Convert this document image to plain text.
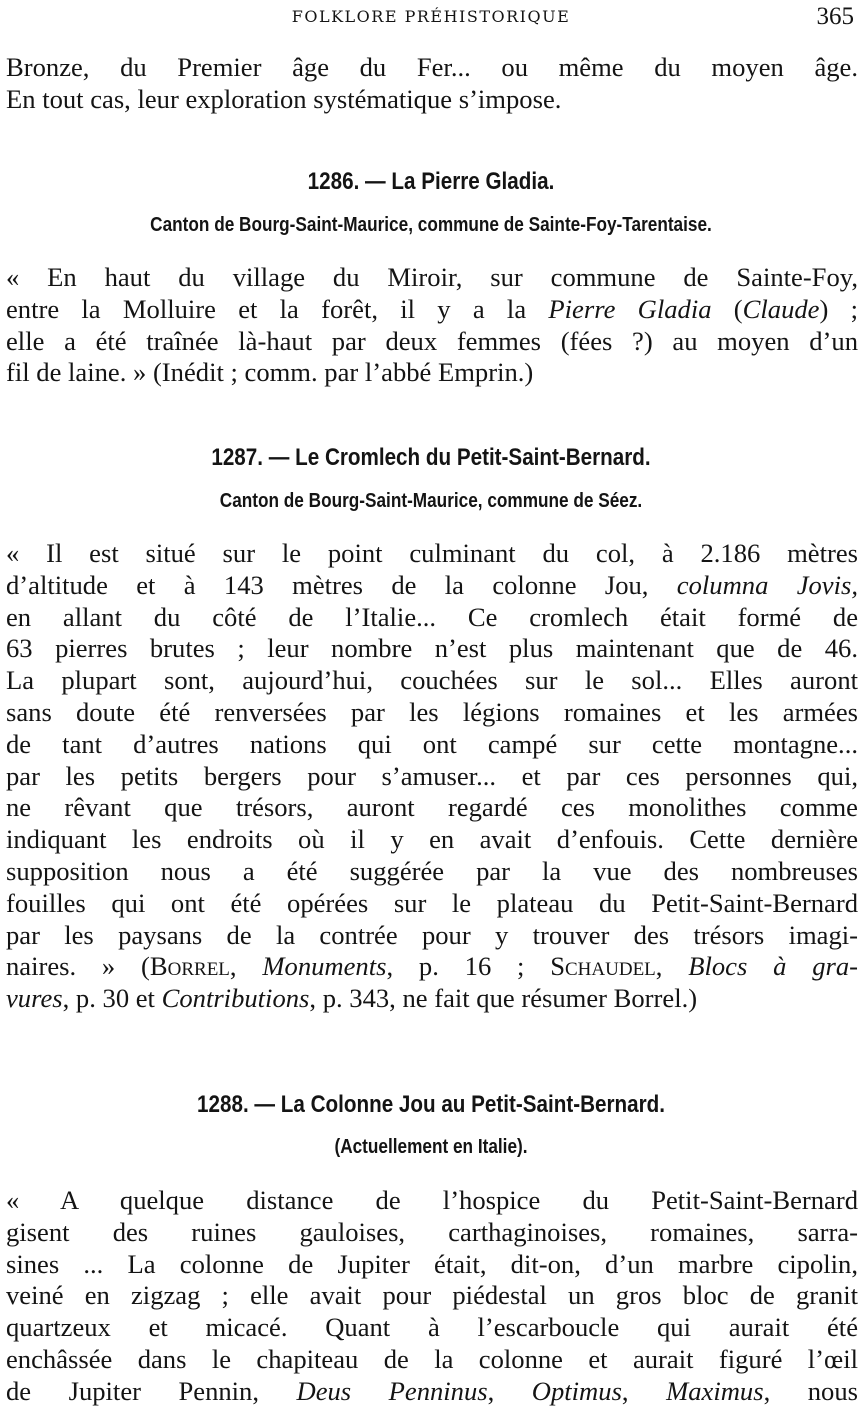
FOLKLORE PRÉHISTORIQUE	365

Bronze, du Premier âge du Fer... ou même du moyen âge.
En tout cas, leur exploration systématique s’impose.

1286. — La Pierre Gladia.
Canton de Bourg-Saint-Maurice, commune de Sainte-Foy-Tarentaise.

« En haut du village du Miroir, sur commune de Sainte-Foy,
entre la Molluire et la forêt, il y a la Pierre Gladia (Claude) ;
elle a été traînée là-haut par deux femmes (fées ?) au moyen d’un
fil de laine. » (Inédit ; comm. par l’abbé Emprin.)

1287. — Le Cromlech du Petit-Saint-Bernard.
Canton de Bourg-Saint-Maurice, commune de Séez.

« Il est situé sur le point culminant du col, à 2.186 mètres
d’altitude et à 143 mètres de la colonne Jou, columna Jovis,
en allant du côté de l’Italie... Ce cromlech était formé de
63 pierres brutes ; leur nombre n’est plus maintenant que de 46.
La plupart sont, aujourd’hui, couchées sur le sol... Elles auront
sans doute été renversées par les légions romaines et les armées
de tant d’autres nations qui ont campé sur cette montagne...
par les petits bergers pour s’amuser... et par ces personnes qui,
ne rêvant que trésors, auront regardé ces monolithes comme
indiquant les endroits où il y en avait d’enfouis. Cette dernière
supposition nous a été suggérée par la vue des nombreuses
fouilles qui ont été opérées sur le plateau du Petit-Saint-Bernard
par les paysans de la contrée pour y trouver des trésors imagi-
naires. » (Borrel, Monuments, p. 16 ; Schaudel, Blocs à gra-
vures, p. 30 et Contributions, p. 343, ne fait que résumer Borrel.)

1288. — La Colonne Jou au Petit-Saint-Bernard.
(Actuellement en Italie).

« A quelque distance de l’hospice du Petit-Saint-Bernard
gisent des ruines gauloises, carthaginoises, romaines, sarra-
sines ... La colonne de Jupiter était, dit-on, d’un marbre cipolin,
veiné en zigzag ; elle avait pour piédestal un gros bloc de granit
quartzeux et micacé. Quant à l’escarboucle qui aurait été
enchâssée dans le chapiteau de la colonne et aurait figuré l’œil
de Jupiter Pennin, Deus Penninus, Optimus, Maximus, nous
